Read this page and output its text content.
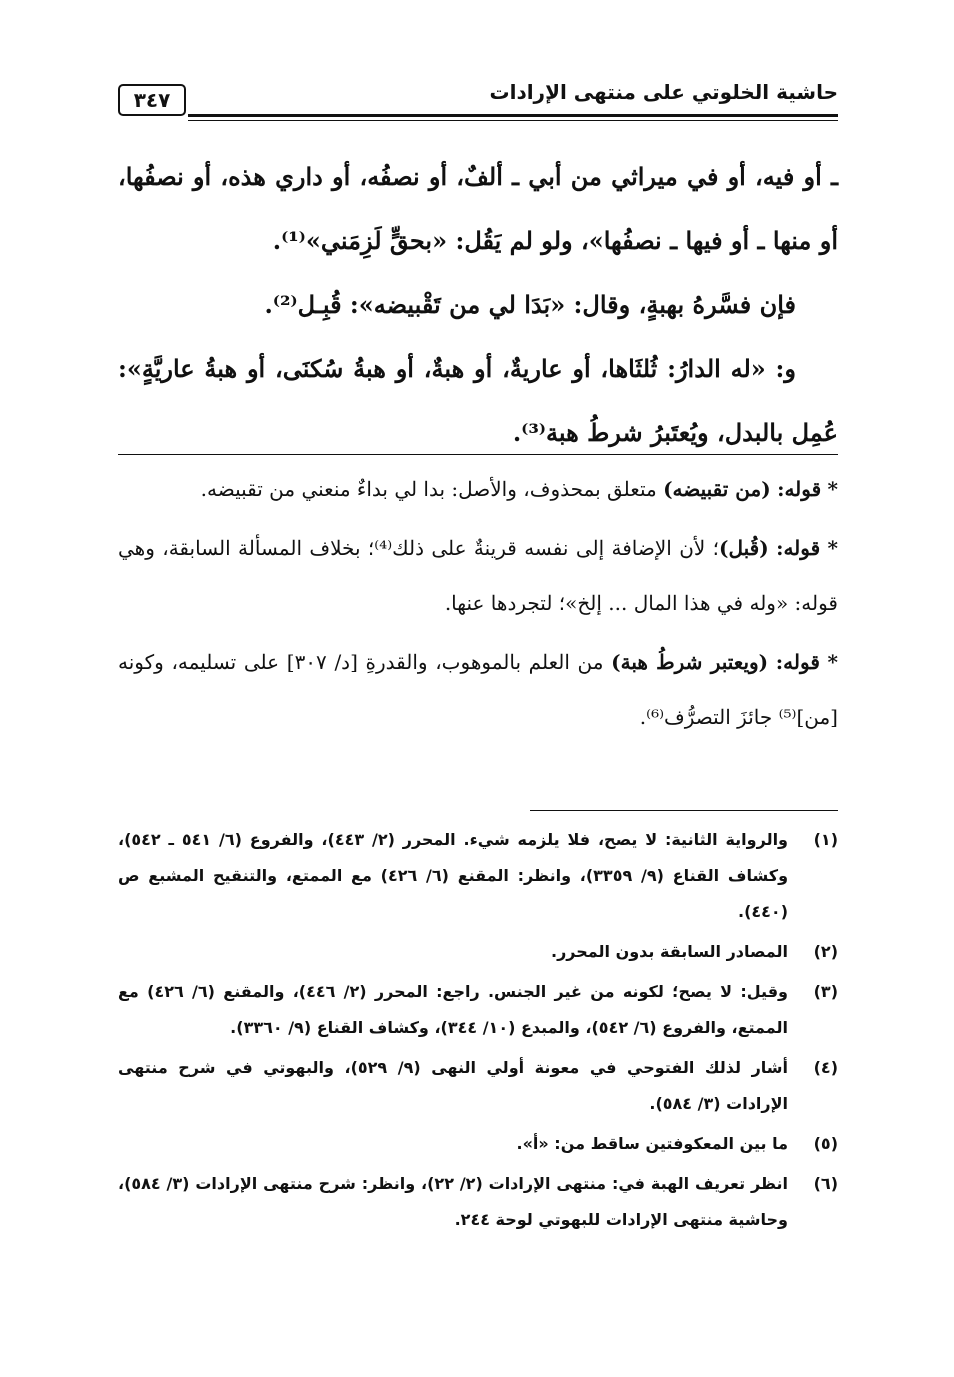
٣٤٧	حاشية الخلوتي على منتهى الإرادات

ـ أو فيه، أو في ميراثي من أبي ـ ألفٌ، أو نصفُه، أو داري هذه، أو نصفُها، أو منها ـ أو فيها ـ نصفُها»، ولو لم يَقُل: «بحقٍّ لَزِمَني»⁽¹⁾.

فإن فسَّرهُ بهبةٍ، وقال: «بَدَا لي من تَقْبيضه»: قُبِـل⁽²⁾.

و: «له الدارُ: ثُلثَاها، أو عاريةٌ، أو هبةٌ، أو هبةُ سُكنَى، أو هبةُ عاريَّةٍ»: عُمِل بالبدل، ويُعتَبرُ شرطُ هبة⁽³⁾.

* قوله: (من تقبيضه) متعلق بمحذوف، والأصل: بدا لي بداءٌ منعني من تقبيضه.

* قوله: (قُبل)؛ لأن الإضافة إلى نفسه قرينةٌ على ذلك⁽⁴⁾؛ بخلاف المسألة السابقة، وهي قوله: «وله في هذا المال ... إلخ»؛ لتجردها عنها.

* قوله: (ويعتبر شرطُ هبة) من العلم بالموهوب، والقدرةِ [د/ ٣٠٧] على تسليمه، وكونه [من]⁽⁵⁾ جائزَ التصرُّف⁽⁶⁾.

(١)
والرواية الثانية: لا يصح، فلا يلزمه شيء. المحرر (٢/ ٤٤٣)، والفروع (٦/ ٥٤١ ـ ٥٤٢)، وكشاف القناع (٩/ ٣٣٥٩)، وانظر: المقنع (٦/ ٤٢٦) مع الممتع، والتنقيح المشبع ص (٤٤٠).
(٢)
المصادر السابقة بدون المحرر.
(٣)
وقيل: لا يصح؛ لكونه من غير الجنس. راجع: المحرر (٢/ ٤٤٦)، والمقنع (٦/ ٤٢٦) مع الممتع، والفروع (٦/ ٥٤٢)، والمبدع (١٠/ ٣٤٤)، وكشاف القناع (٩/ ٣٣٦٠).
(٤)
أشار لذلك الفتوحي في معونة أولي النهى (٩/ ٥٢٩)، والبهوتي في شرح منتهى الإرادات (٣/ ٥٨٤).
(٥)
ما بين المعكوفتين ساقط من: «أ».
(٦)
انظر تعريف الهبة في: منتهى الإرادات (٢/ ٢٢)، وانظر: شرح منتهى الإرادات (٣/ ٥٨٤)، وحاشية منتهى الإرادات للبهوتي لوحة ٢٤٤.
